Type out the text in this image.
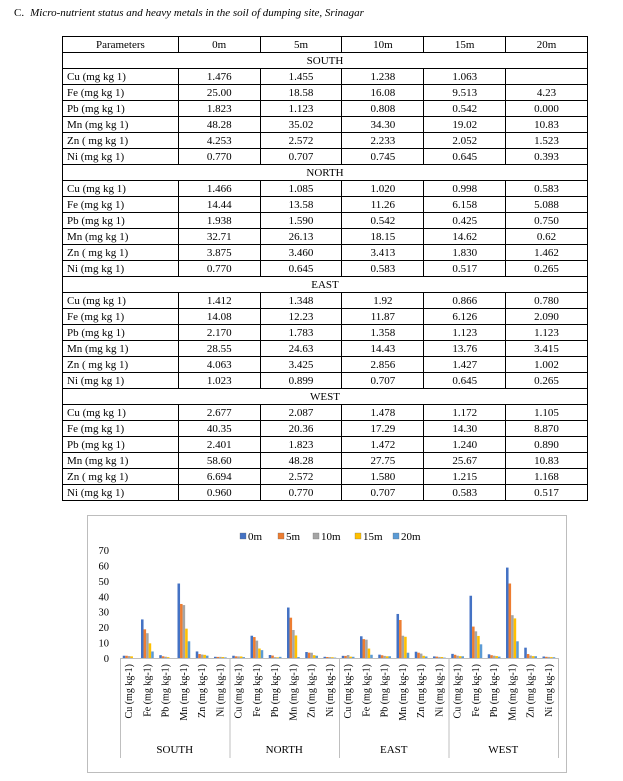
C. Micro-nutrient status and heavy metals in the soil of dumping site, Srinagar
Parameters	0m	5m	10m	15m	20m
SOUTH					
Cu (mg kg 1)	1.476	1.455	1.238	1.063	
Fe (mg kg 1)	25.00	18.58	16.08	9.513	4.23
Pb (mg kg 1)	1.823	1.123	0.808	0.542	0.000
Mn (mg kg 1)	48.28	35.02	34.30	19.02	10.83
Zn ( mg kg 1)	4.253	2.572	2.233	2.052	1.523
Ni (mg kg 1)	0.770	0.707	0.745	0.645	0.393
NORTH					
Cu (mg kg 1)	1.466	1.085	1.020	0.998	0.583
Fe (mg kg 1)	14.44	13.58	11.26	6.158	5.088
Pb (mg kg 1)	1.938	1.590	0.542	0.425	0.750
Mn (mg kg 1)	32.71	26.13	18.15	14.62	0.62
Zn ( mg kg 1)	3.875	3.460	3.413	1.830	1.462
Ni (mg kg 1)	0.770	0.645	0.583	0.517	0.265
EAST					
Cu (mg kg 1)	1.412	1.348	1.92	0.866	0.780
Fe (mg kg 1)	14.08	12.23	11.87	6.126	2.090
Pb (mg kg 1)	2.170	1.783	1.358	1.123	1.123
Mn (mg kg 1)	28.55	24.63	14.43	13.76	3.415
Zn ( mg kg 1)	4.063	3.425	2.856	1.427	1.002
Ni (mg kg 1)	1.023	0.899	0.707	0.645	0.265
WEST					
Cu (mg kg 1)	2.677	2.087	1.478	1.172	1.105
Fe (mg kg 1)	40.35	20.36	17.29	14.30	8.870
Pb (mg kg 1)	2.401	1.823	1.472	1.240	0.890
Mn (mg kg 1)	58.60	48.28	27.75	25.67	10.83
Zn ( mg kg 1)	6.694	2.572	1.580	1.215	1.168
Ni (mg kg 1)	0.960	0.770	0.707	0.583	0.517
0
10
20
30
40
50
60
70
Cu (mg kg-1) Fe (mg kg-1) Pb (mg kg-1) Mn (mg kg-1) Zn (mg kg-1) Ni (mg kg-1)
SOUTH
Cu (mg kg-1) Fe (mg kg-1) Pb (mg kg-1) Mn (mg kg-1) Zn (mg kg-1) Ni (mg kg-1)
NORTH
Cu (mg kg-1) Fe (mg kg-1) Pb (mg kg-1) Mn (mg kg-1) Zn (mg kg-1) Ni (mg kg-1)
EAST
Cu (mg kg-1) Fe (mg kg-1) Pb (mg kg-1) Mn (mg kg-1) Zn (mg kg-1) Ni (mg kg-1)
WEST
0m 5m 10m 15m 20m
